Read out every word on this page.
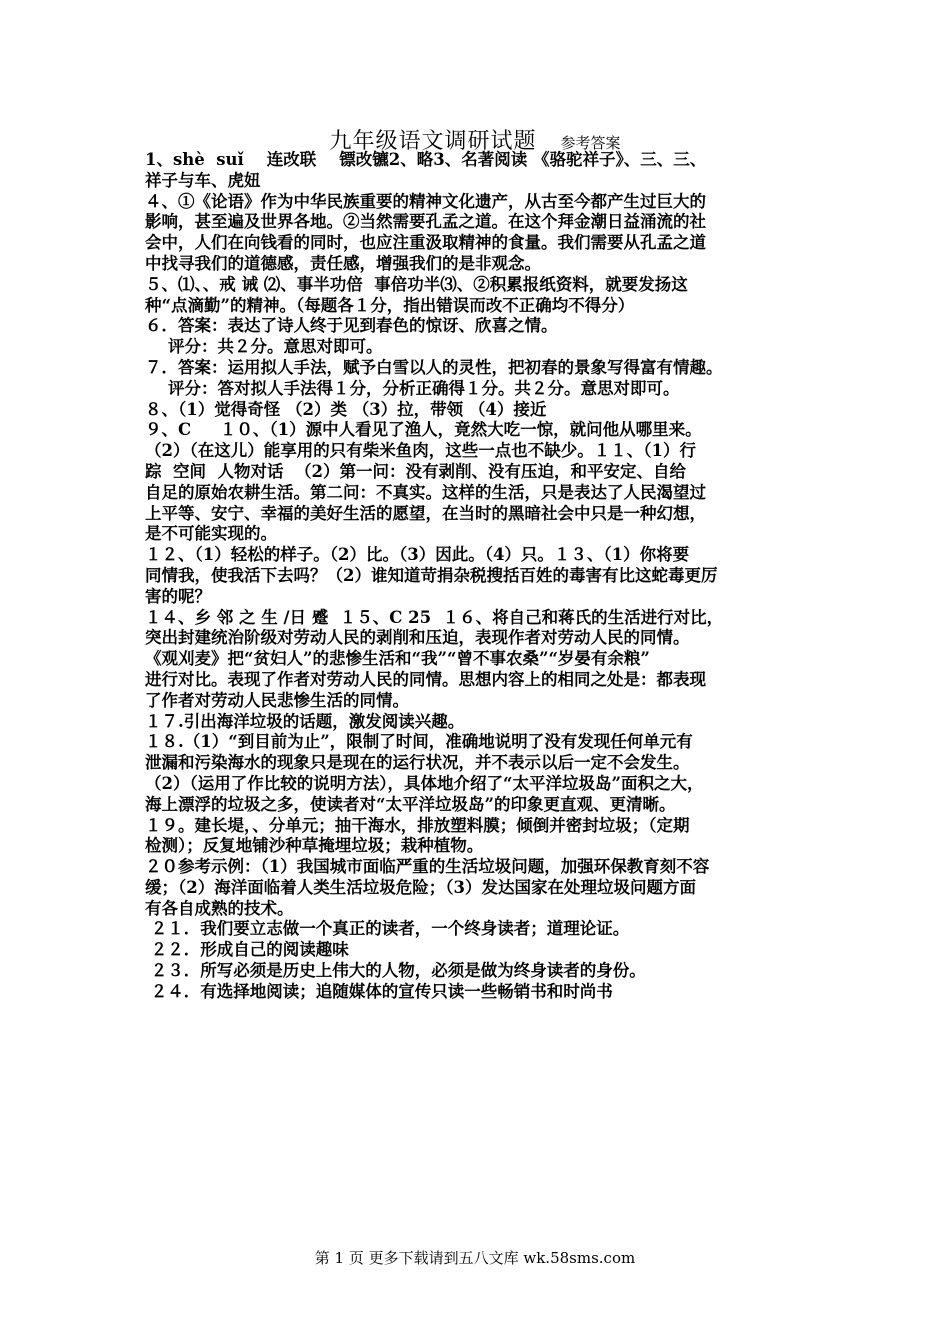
九年级语文调研试题 参考答案
1、shè  suǐ    连改联    镖改镳2、略3、名著阅读 《骆驼祥子》、三、三、
祥子与车、虎妞
４、①《论语》作为中华民族重要的精神文化遗产，从古至今都产生过巨大的
影响，甚至遍及世界各地。②当然需要孔孟之道。在这个拜金潮日益涌流的社
会中，人们在向钱看的同时，也应注重汲取精神的食量。我们需要从孔孟之道
中找寻我们的道德感，责任感，增强我们的是非观念。
５、⑴、、戒 诫 ⑵、事半功倍  事倍功半⑶、②积累报纸资料，就要发扬这
种“点滴勤”的精神。（每题各１分，指出错误而改不正确均不得分）
６．答案：表达了诗人终于见到春色的惊讶、欣喜之情。
评分：共２分。意思对即可。
７．答案：运用拟人手法，赋予白雪以人的灵性，把初春的景象写得富有情趣。
评分：答对拟人手法得１分，分析正确得１分。共２分。意思对即可。
８、（1）觉得奇怪 （2）类 （3）拉，带领 （4）接近
９、C     １０、（1）源中人看见了渔人，竟然大吃一惊，就问他从哪里来。
（2）（在这儿）能享用的只有柴米鱼肉，这些一点也不缺少。１１、（1）行
踪  空间  人物对话  （2）第一问：没有剥削、没有压迫，和平安定、自给
自足的原始农耕生活。第二问：不真实。这样的生活，只是表达了人民渴望过
上平等、安宁、幸福的美好生活的愿望，在当时的黑暗社会中只是一种幻想，
是不可能实现的。
１２、（1）轻松的样子。（2）比。（3）因此。（4）只。１３、（1）你将要
同情我，使我活下去吗？（2）谁知道苛捐杂税搜括百姓的毒害有比这蛇毒更厉
害的呢？
１４、乡 邻 之 生 /日 蹙  １５、C 25  １６、将自己和蒋氏的生活进行对比，
突出封建统治阶级对劳动人民的剥削和压迫，表现作者对劳动人民的同情。
《观刈麦》把“贫妇人”的悲惨生活和“我”“曾不事农桑”“岁晏有余粮”
进行对比。表现了作者对劳动人民的同情。思想内容上的相同之处是：都表现
了作者对劳动人民悲惨生活的同情。
１７.引出海洋垃圾的话题，激发阅读兴趣。
１８.（1）“到目前为止”，限制了时间，准确地说明了没有发现任何单元有
泄漏和污染海水的现象只是现在的运行状况，并不表示以后一定不会发生。
（2）（运用了作比较的说明方法），具体地介绍了“太平洋垃圾岛”面积之大，
海上漂浮的垃圾之多，使读者对“太平洋垃圾岛”的印象更直观、更清晰。
１９。建长堤，、分单元；抽干海水，排放塑料膜；倾倒并密封垃圾；（定期
检测）；反复地铺沙种草掩埋垃圾；栽种植物。
２０参考示例：（1）我国城市面临严重的生活垃圾问题，加强环保教育刻不容
缓；（2）海洋面临着人类生活垃圾危险；（3）发达国家在处理垃圾问题方面
有各自成熟的技术。
２１．我们要立志做一个真正的读者，一个终身读者；道理论证。
２２．形成自己的阅读趣味
２３．所写必须是历史上伟大的人物，必须是做为终身读者的身份。
２４．有选择地阅读；追随媒体的宣传只读一些畅销书和时尚书
第 1 页 更多下载请到五八文库 wk.58sms.com
